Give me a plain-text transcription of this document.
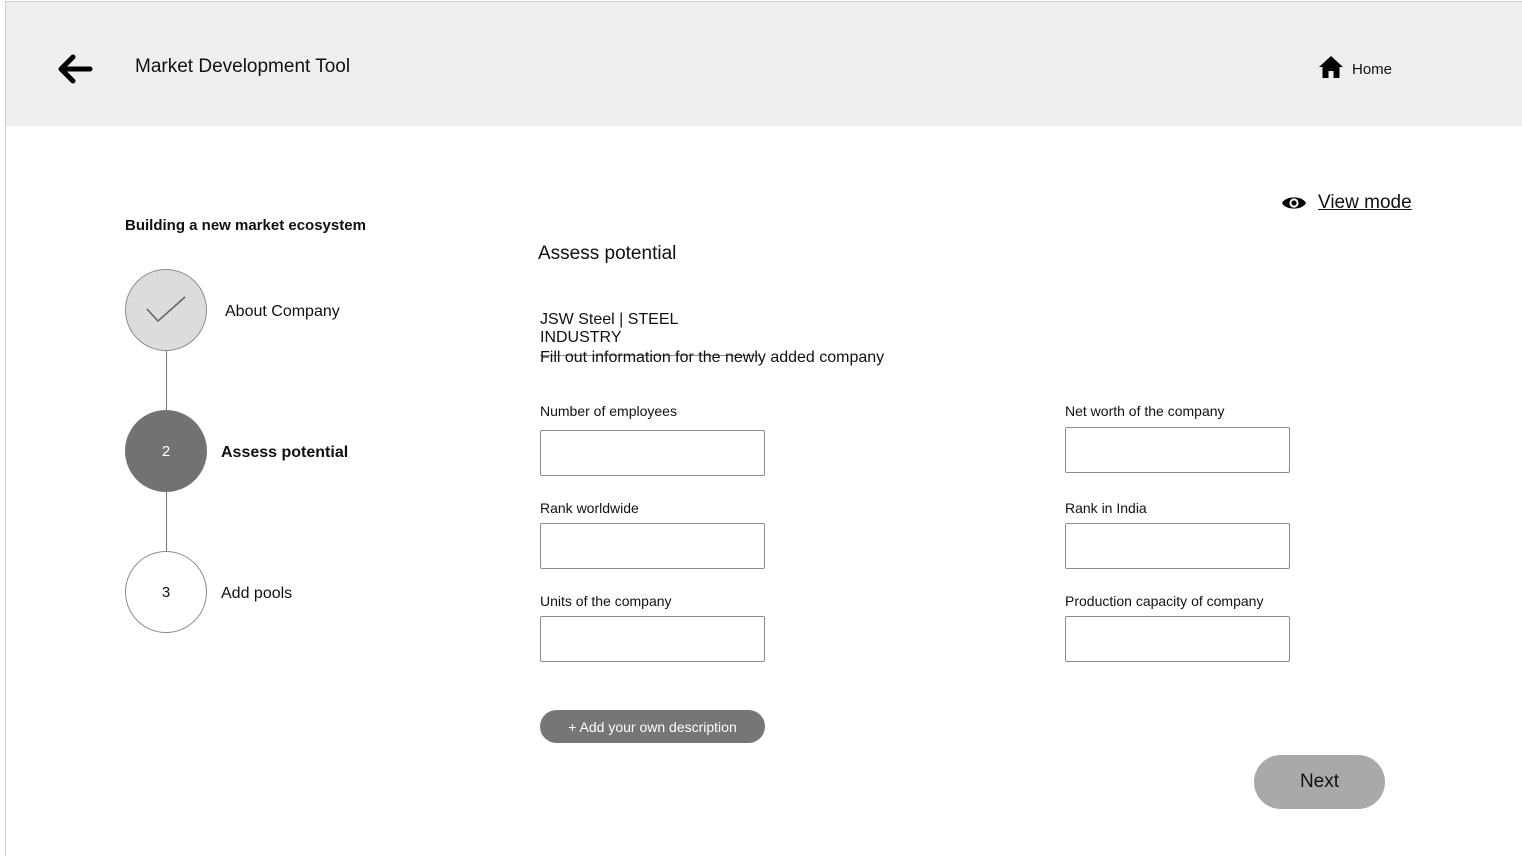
Market Development Tool	Home
Building a new market ecosystem
About Company
2	Assess potential
3	Add pools
View mode
Assess potential
JSW Steel | STEEL INDUSTRY
Fill out information for the newly added company
Number of employees	Net worth of the company
Rank worldwide	Rank in India
Units of the company	Production capacity of company
+ Add your own description
Next
